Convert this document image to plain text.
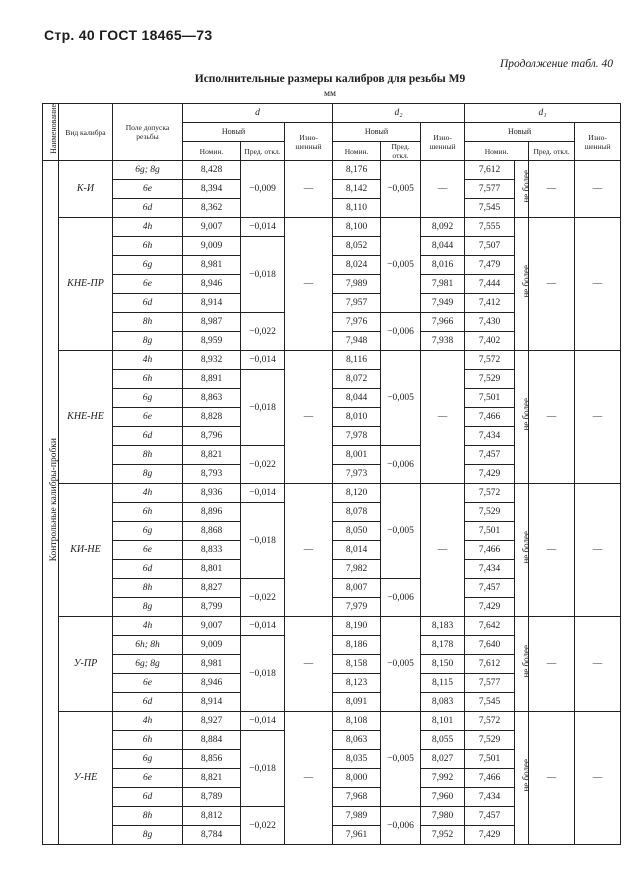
Стр. 40 ГОСТ 18465—73
Продолжение табл. 40
Исполнительные размеры калибров для резьбы М9
мм
Наименование	Вид калибра	Поле допуска резьбы	d			d₂			d₁			
			Новый		Изно- шенный	Новый		Изно- шенный	Новый			Изно- шенный
			Номин.	Пред. откл.		Номин.	Пред. откл.		Номин.		Пред. откл.	
Контрольные калибры-пробки	К-И	6g; 8g	8,428	−0,009	—	8,176	−0,005	—	7,612	не более	—	—
		6e	8,394			8,142			7,577			
		6d	8,362			8,110			7,545			
	КНЕ-ПР	4h	9,007	−0,014	—	8,100	−0,005	8,092	7,555	не более	—	—
		6h	9,009	−0,018		8,052		8,044	7,507			
		6g	8,981			8,024		8,016	7,479			
		6e	8,946			7,989		7,981	7,444			
		6d	8,914			7,957		7,949	7,412			
		8h	8,987	−0,022		7,976	−0,006	7,966	7,430			
		8g	8,959			7,948		7,938	7,402			
	КНЕ-НЕ	4h	8,932	−0,014	—	8,116	−0,005	—	7,572	не более	—	—
		6h	8,891	−0,018		8,072			7,529			
		6g	8,863			8,044			7,501			
		6e	8,828			8,010			7,466			
		6d	8,796			7,978			7,434			
		8h	8,821	−0,022		8,001	−0,006		7,457			
		8g	8,793			7,973			7,429			
	КИ-НЕ	4h	8,936	−0,014	—	8,120	−0,005	—	7,572	не более	—	—
		6h	8,896	−0,018		8,078			7,529			
		6g	8,868			8,050			7,501			
		6e	8,833			8,014			7,466			
		6d	8,801			7,982			7,434			
		8h	8,827	−0,022		8,007	−0,006		7,457			
		8g	8,799			7,979			7,429			
	У-ПР	4h	9,007	−0,014	—	8,190	−0,005	8,183	7,642	не более	—	—
		6h; 8h	9,009	−0,018		8,186		8,178	7,640			
		6g; 8g	8,981			8,158		8,150	7,612			
		6e	8,946			8,123		8,115	7,577			
		6d	8,914			8,091		8,083	7,545			
	У-НЕ	4h	8,927	−0,014	—	8,108	−0,005	8,101	7,572	не более	—	—
		6h	8,884	−0,018		8,063		8,055	7,529			
		6g	8,856			8,035		8,027	7,501			
		6e	8,821			8,000		7,992	7,466			
		6d	8,789			7,968		7,960	7,434			
		8h	8,812	−0,022		7,989	−0,006	7,980	7,457			
		8g	8,784			7,961		7,952	7,429			
